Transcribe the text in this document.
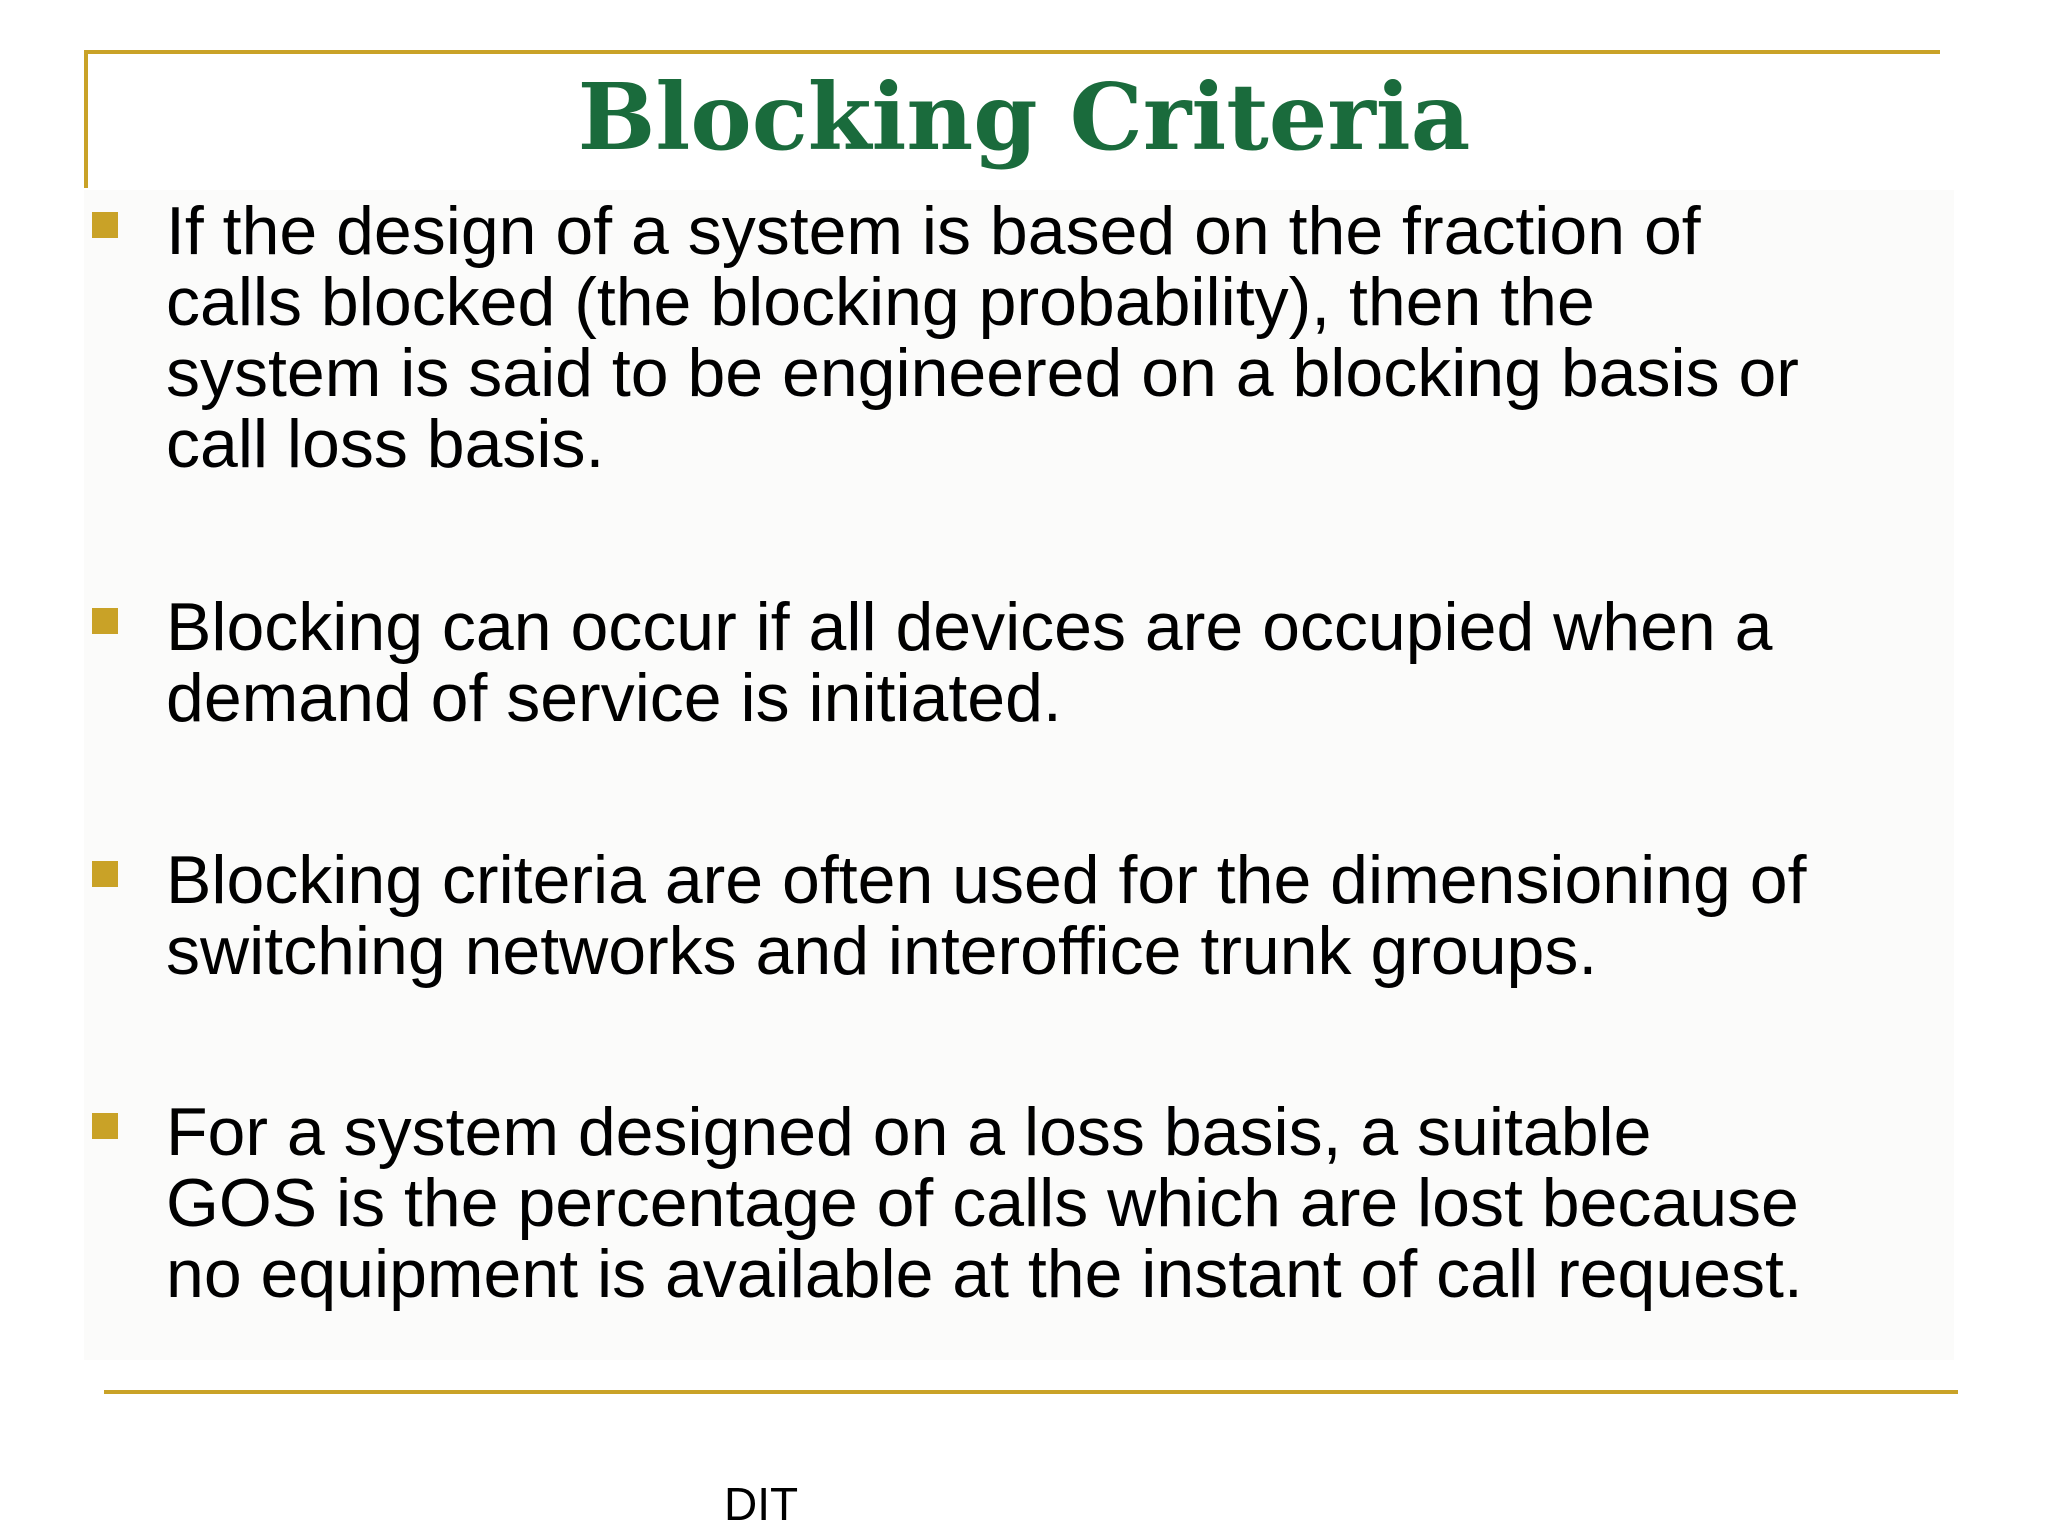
Blocking Criteria
If the design of a system is based on the fraction of
calls blocked (the blocking probability), then the
system is said to be engineered on a blocking basis or
call loss basis.
Blocking can occur if all devices are occupied when a
demand of service is initiated.
Blocking criteria are often used for the dimensioning of
switching networks and interoffice trunk groups.
For a system designed on a loss basis, a suitable
GOS is the percentage of calls which are lost because
no equipment is available at the instant of call request.
DIT
